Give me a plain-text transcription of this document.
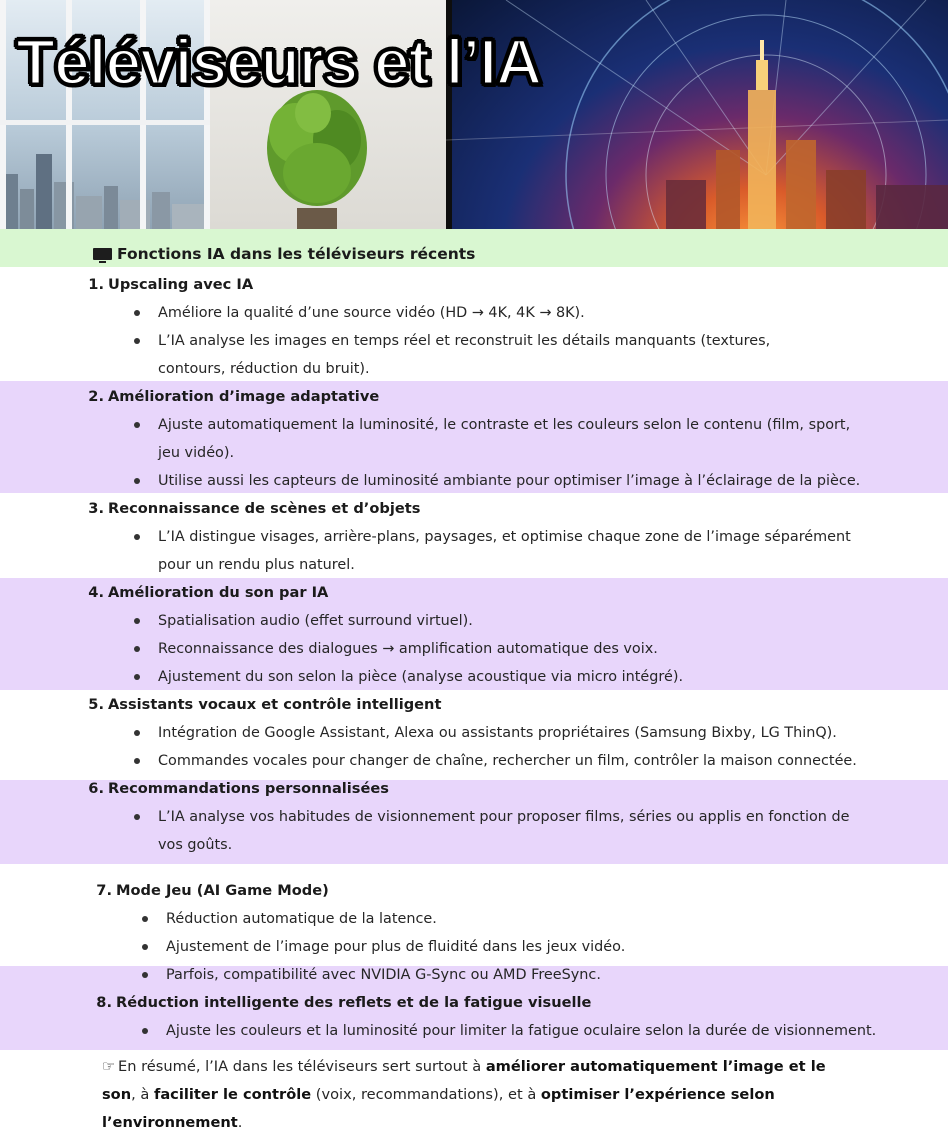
Téléviseurs et l’IA
Fonctions IA dans les téléviseurs récents
1. Upscaling avec IA
Améliore la qualité d’une source vidéo (HD → 4K, 4K → 8K).
L’IA analyse les images en temps réel et reconstruit les détails manquants (textures, contours, réduction du bruit).
2. Amélioration d’image adaptative
Ajuste automatiquement la luminosité, le contraste et les couleurs selon le contenu (film, sport, jeu vidéo).
Utilise aussi les capteurs de luminosité ambiante pour optimiser l’image à l’éclairage de la pièce.
3. Reconnaissance de scènes et d’objets
L’IA distingue visages, arrière-plans, paysages, et optimise chaque zone de l’image séparément pour un rendu plus naturel.
4. Amélioration du son par IA
Spatialisation audio (effet surround virtuel).
Reconnaissance des dialogues → amplification automatique des voix.
Ajustement du son selon la pièce (analyse acoustique via micro intégré).
5. Assistants vocaux et contrôle intelligent
Intégration de Google Assistant, Alexa ou assistants propriétaires (Samsung Bixby, LG ThinQ).
Commandes vocales pour changer de chaîne, rechercher un film, contrôler la maison connectée.
6. Recommandations personnalisées
L’IA analyse vos habitudes de visionnement pour proposer films, séries ou applis en fonction de vos goûts.
7. Mode Jeu (AI Game Mode)
Réduction automatique de la latence.
Ajustement de l’image pour plus de fluidité dans les jeux vidéo.
Parfois, compatibilité avec NVIDIA G-Sync ou AMD FreeSync.
8. Réduction intelligente des reflets et de la fatigue visuelle
Ajuste les couleurs et la luminosité pour limiter la fatigue oculaire selon la durée de visionnement.

☞ En résumé, l’IA dans les téléviseurs sert surtout à améliorer automatiquement l’image et le son, à faciliter le contrôle (voix, recommandations), et à optimiser l’expérience selon l’environnement.
